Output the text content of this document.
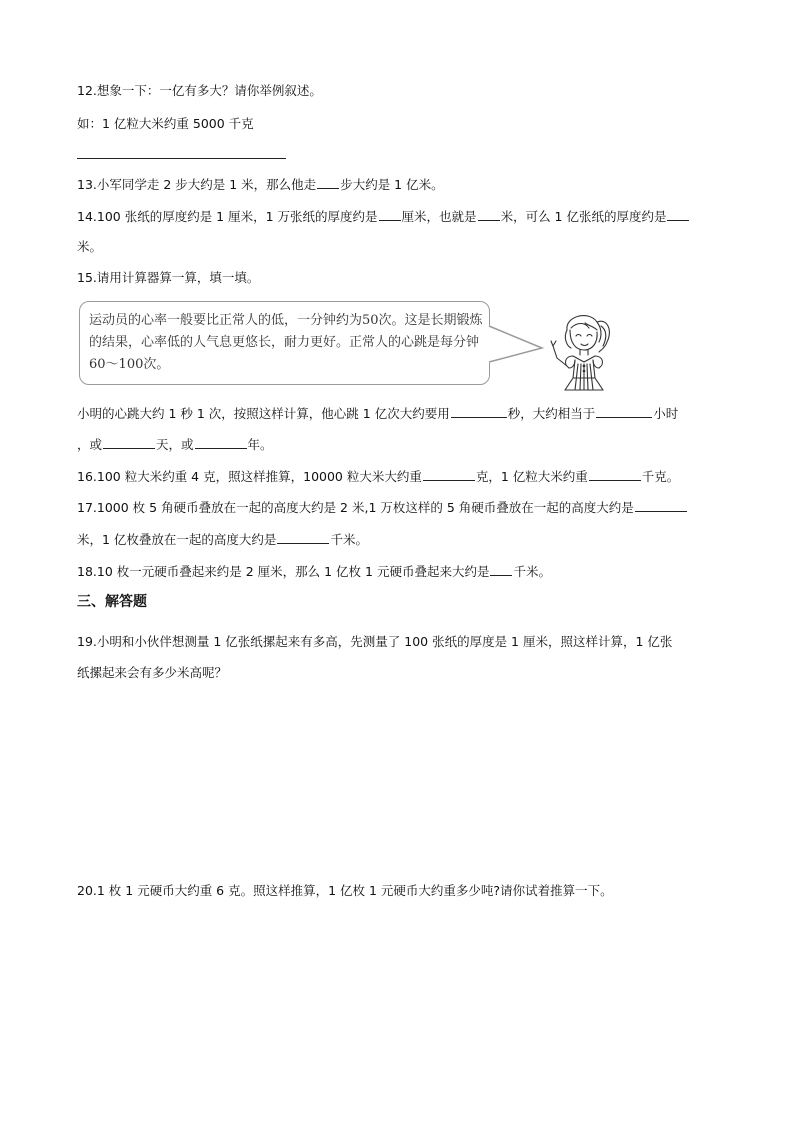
12.想象一下：一亿有多大？请你举例叙述。
如：1 亿粒大米约重 5000 千克
13.小军同学走 2 步大约是 1 米，那么他走 步大约是 1 亿米。
14.100 张纸的厚度约是 1 厘米，1 万张纸的厚度约是 厘米，也就是 米，可么 1 亿张纸的厚度约是
米。
15.请用计算器算一算，填一填。
运动员的心率一般要比正常人的低，一分钟约为50次。这是长期锻炼的结果，心率低的人气息更悠长，耐力更好。正常人的心跳是每分钟60～100次。
小明的心跳大约 1 秒 1 次，按照这样计算，他心跳 1 亿次大约要用	秒，大约相当于	小时
，或	天，或	年。
16.100 粒大米约重 4 克，照这样推算，10000 粒大米大约重	克，1 亿粒大米约重	千克。
17.1000 枚 5 角硬币叠放在一起的高度大约是 2 米,1 万枚这样的 5 角硬币叠放在一起的高度大约是
米，1 亿枚叠放在一起的高度大约是	千米。
18.10 枚一元硬币叠起来约是 2 厘米，那么 1 亿枚 1 元硬币叠起来大约是 千米。
三、解答题
19.小明和小伙伴想测量 1 亿张纸摞起来有多高，先测量了 100 张纸的厚度是 1 厘米，照这样计算，1 亿张
纸摞起来会有多少米高呢？
20.1 枚 1 元硬币大约重 6 克。照这样推算，1 亿枚 1 元硬币大约重多少吨?请你试着推算一下。
